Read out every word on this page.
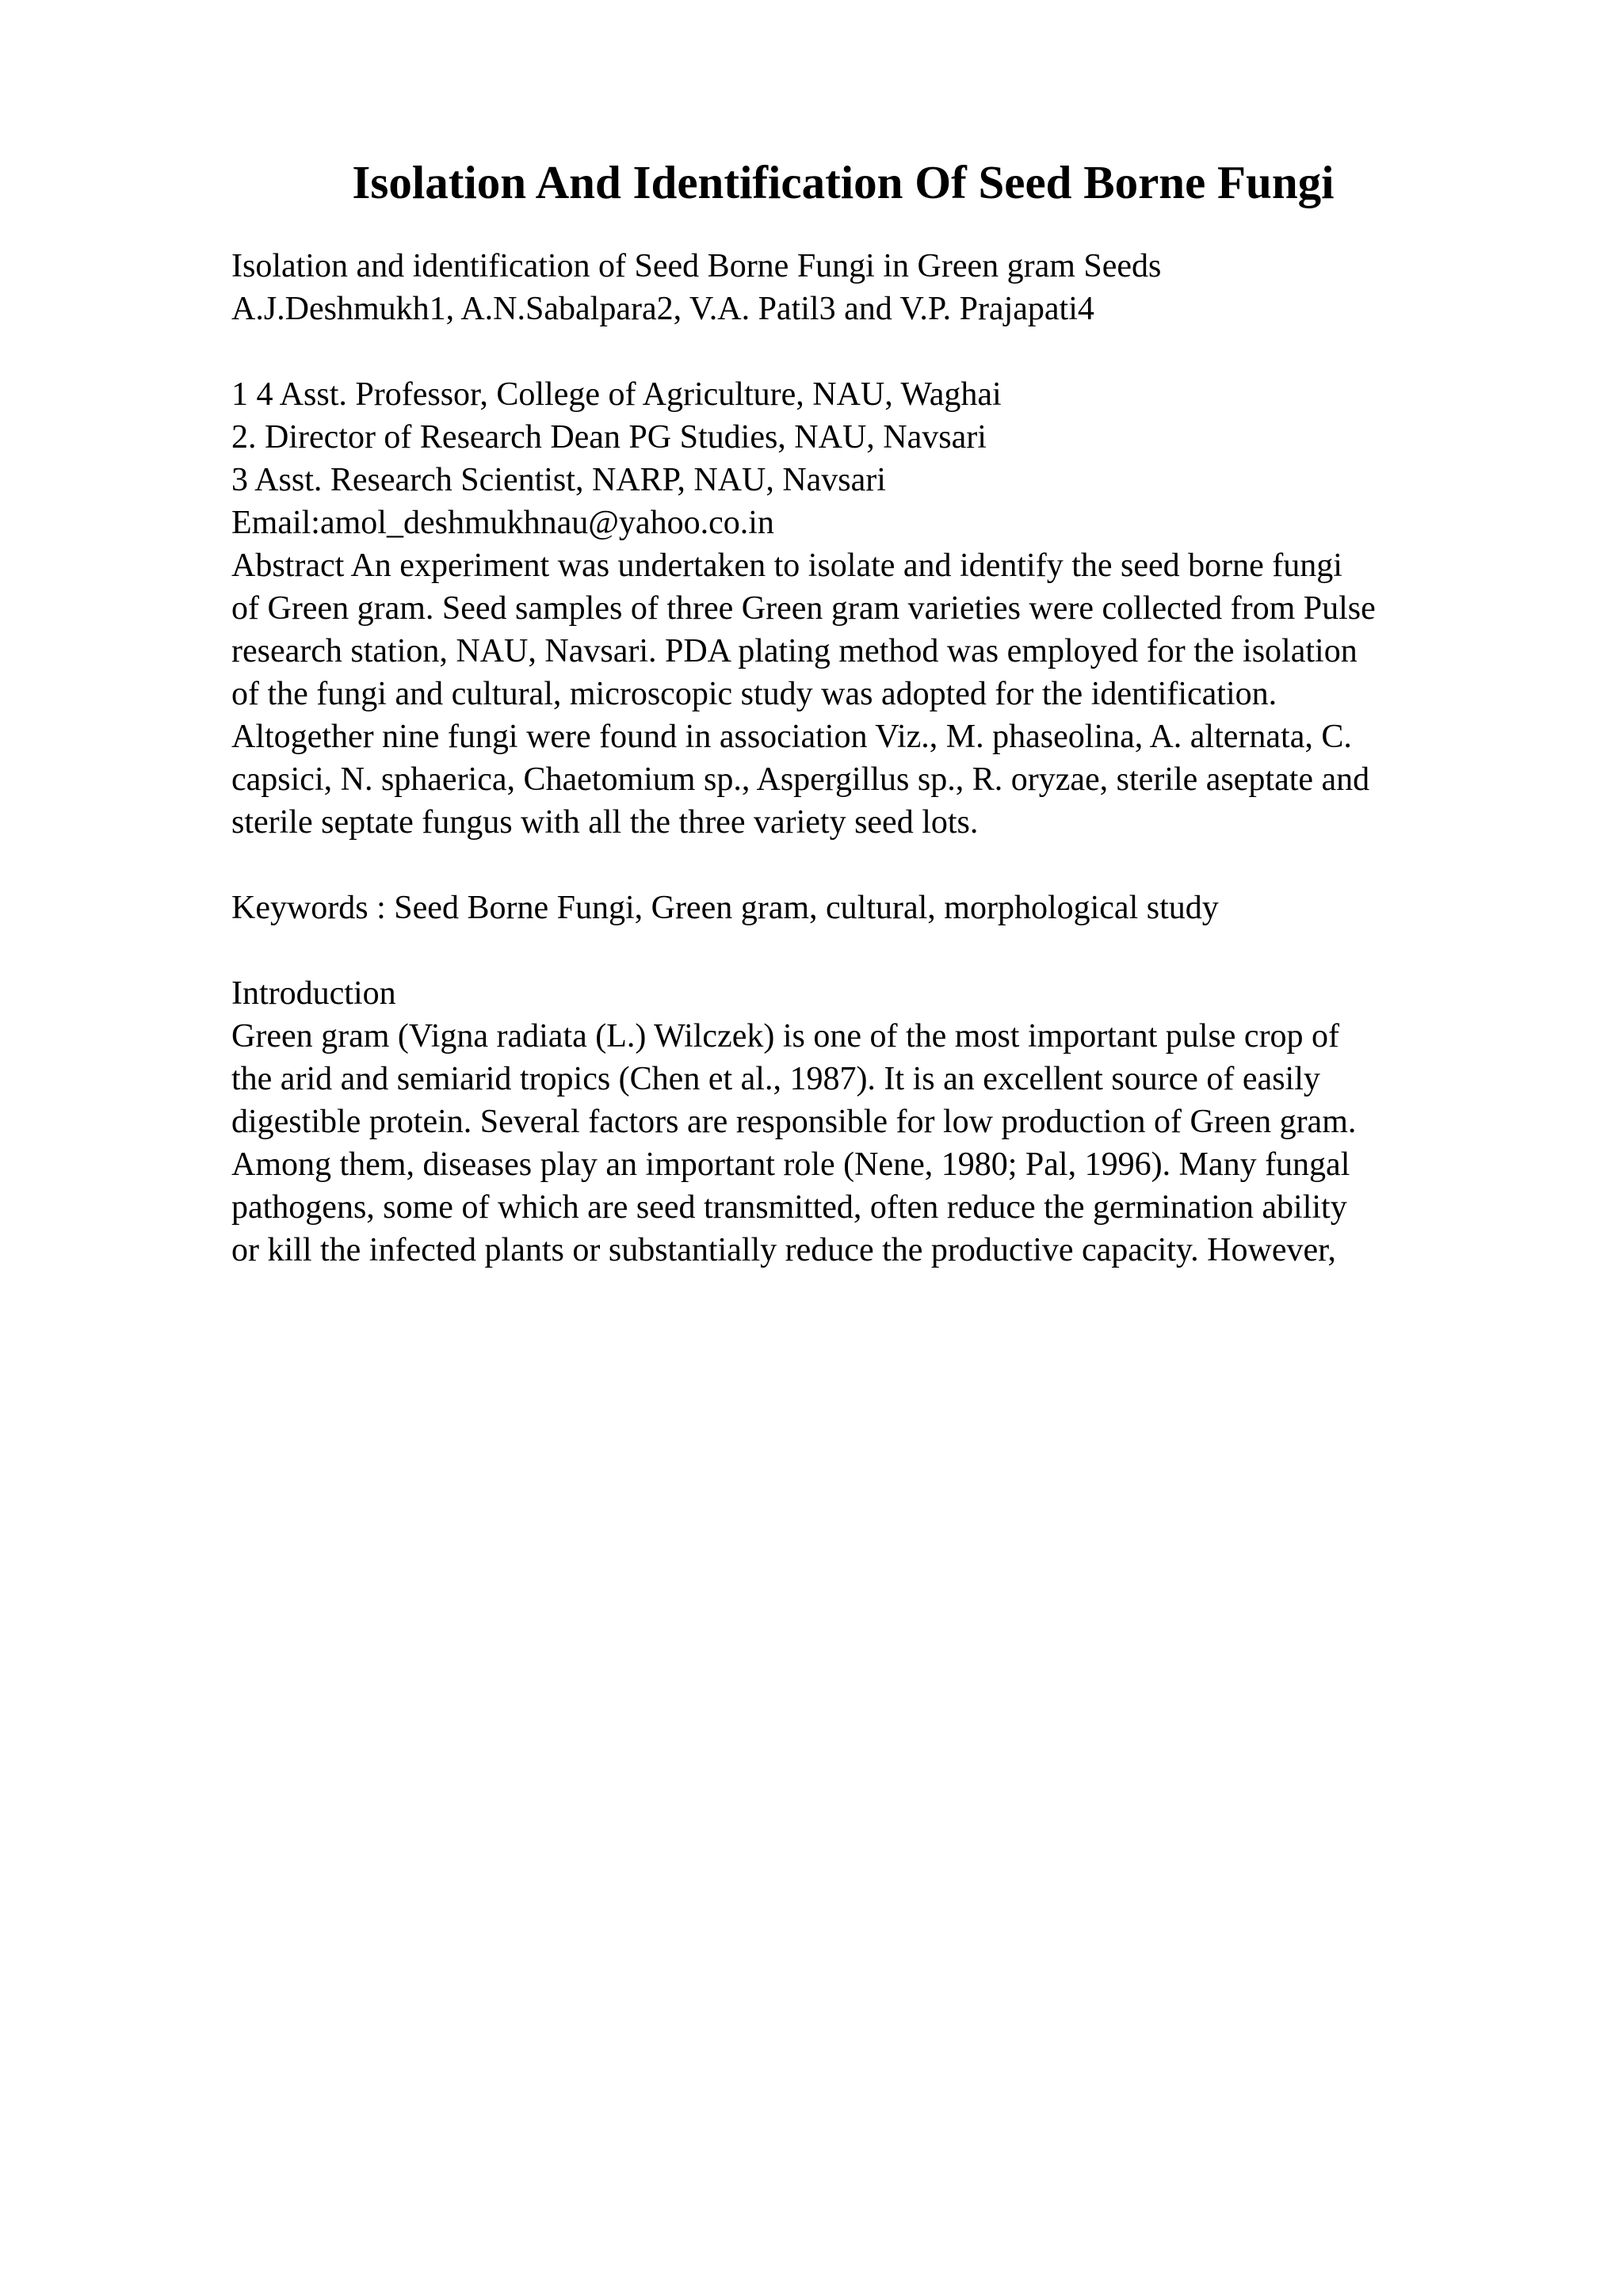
Isolation And Identification Of Seed Borne Fungi
Isolation and identification of Seed Borne Fungi in Green gram Seeds
A.J.Deshmukh1, A.N.Sabalpara2, V.A. Patil3 and V.P. Prajapati4
1 4 Asst. Professor, College of Agriculture, NAU, Waghai
2. Director of Research Dean PG Studies, NAU, Navsari
3 Asst. Research Scientist, NARP, NAU, Navsari
Email:amol_deshmukhnau@yahoo.co.in
Abstract An experiment was undertaken to isolate and identify the seed borne fungi
of Green gram. Seed samples of three Green gram varieties were collected from Pulse
research station, NAU, Navsari. PDA plating method was employed for the isolation
of the fungi and cultural, microscopic study was adopted for the identification.
Altogether nine fungi were found in association Viz., M. phaseolina, A. alternata, C.
capsici, N. sphaerica, Chaetomium sp., Aspergillus sp., R. oryzae, sterile aseptate and
sterile septate fungus with all the three variety seed lots.
Keywords : Seed Borne Fungi, Green gram, cultural, morphological study
Introduction
Green gram (Vigna radiata (L.) Wilczek) is one of the most important pulse crop of
the arid and semiarid tropics (Chen et al., 1987). It is an excellent source of easily
digestible protein. Several factors are responsible for low production of Green gram.
Among them, diseases play an important role (Nene, 1980; Pal, 1996). Many fungal
pathogens, some of which are seed transmitted, often reduce the germination ability
or kill the infected plants or substantially reduce the productive capacity. However,
